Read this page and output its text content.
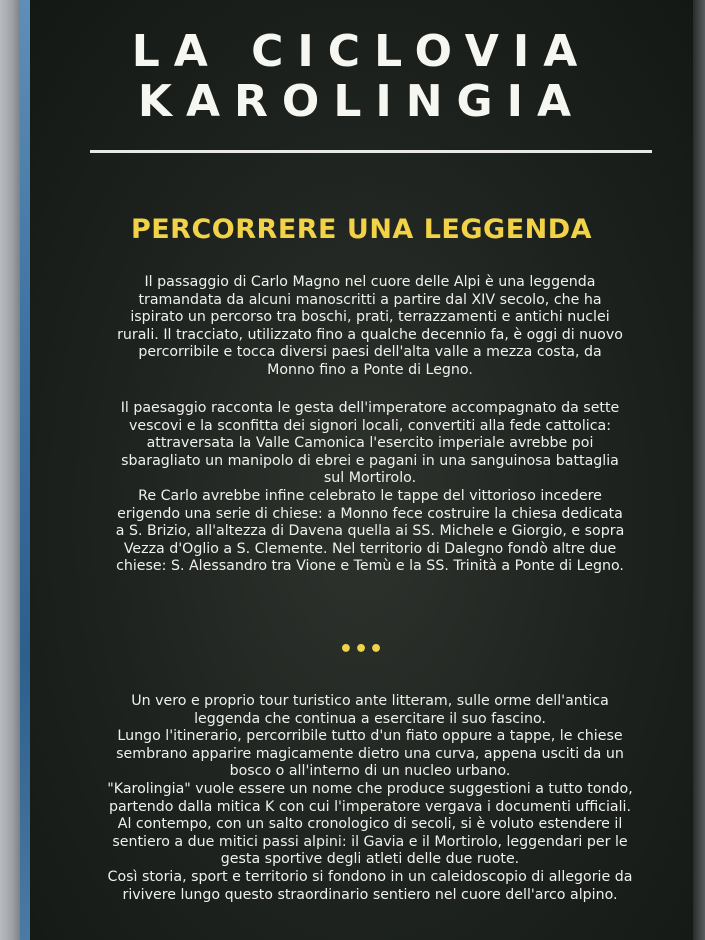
LA CICLOVIA
KAROLINGIA
PERCORRERE UNA LEGGENDA

Il passaggio di Carlo Magno nel cuore delle Alpi è una leggenda

tramandata da alcuni manoscritti a partire dal XIV secolo, che ha

ispirato un percorso tra boschi, prati, terrazzamenti e antichi nuclei

rurali. Il tracciato, utilizzato fino a qualche decennio fa, è oggi di nuovo

percorribile e tocca diversi paesi dell'alta valle a mezza costa, da

Monno fino a Ponte di Legno.

Il paesaggio racconta le gesta dell'imperatore accompagnato da sette

vescovi e la sconfitta dei signori locali, convertiti alla fede cattolica:

attraversata la Valle Camonica l'esercito imperiale avrebbe poi

sbaragliato un manipolo di ebrei e pagani in una sanguinosa battaglia

sul Mortirolo.

Re Carlo avrebbe infine celebrato le tappe del vittorioso incedere

erigendo una serie di chiese: a Monno fece costruire la chiesa dedicata

a S. Brizio, all'altezza di Davena quella ai SS. Michele e Giorgio, e sopra

Vezza d'Oglio a S. Clemente. Nel territorio di Dalegno fondò altre due

chiese: S. Alessandro tra Vione e Temù e la SS. Trinità a Ponte di Legno.

•••

Un vero e proprio tour turistico ante litteram, sulle orme dell'antica

leggenda che continua a esercitare il suo fascino.

Lungo l'itinerario, percorribile tutto d'un fiato oppure a tappe, le chiese

sembrano apparire magicamente dietro una curva, appena usciti da un

bosco o all'interno di un nucleo urbano.

"Karolingia" vuole essere un nome che produce suggestioni a tutto tondo,

partendo dalla mitica K con cui l'imperatore vergava i documenti ufficiali.

Al contempo, con un salto cronologico di secoli, si è voluto estendere il

sentiero a due mitici passi alpini: il Gavia e il Mortirolo, leggendari per le

gesta sportive degli atleti delle due ruote.

Così storia, sport e territorio si fondono in un caleidoscopio di allegorie da

rivivere lungo questo straordinario sentiero nel cuore dell'arco alpino.
